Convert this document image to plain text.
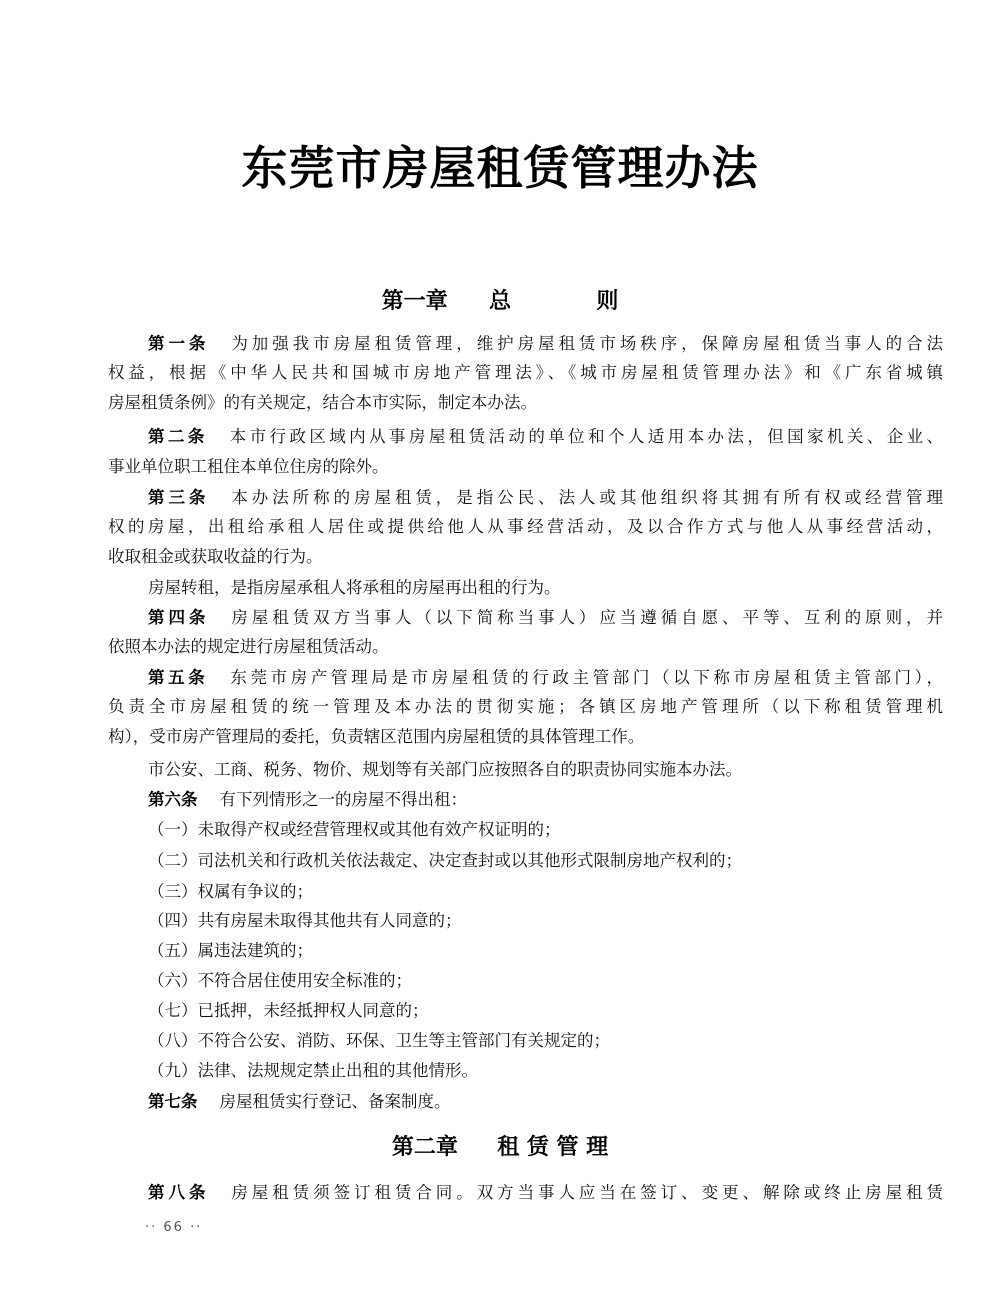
东莞市房屋租赁管理办法
第一章 总	则
第二章 租 赁 管 理
第一条 为加强我市房屋租赁管理，维护房屋租赁市场秩序，保障房屋租赁当事人的合法
权益，根据《中华人民共和国城市房地产管理法》、《城市房屋租赁管理办法》和《广东省城镇
房屋租赁条例》的有关规定，结合本市实际，制定本办法。
第二条 本市行政区域内从事房屋租赁活动的单位和个人适用本办法，但国家机关、企业、
事业单位职工租住本单位住房的除外。
第三条 本办法所称的房屋租赁，是指公民、法人或其他组织将其拥有所有权或经营管理
权的房屋，出租给承租人居住或提供给他人从事经营活动，及以合作方式与他人从事经营活动，
收取租金或获取收益的行为。
房屋转租，是指房屋承租人将承租的房屋再出租的行为。
第四条 房屋租赁双方当事人（以下简称当事人）应当遵循自愿、平等、互利的原则，并
依照本办法的规定进行房屋租赁活动。
第五条 东莞市房产管理局是市房屋租赁的行政主管部门（以下称市房屋租赁主管部门），
负责全市房屋租赁的统一管理及本办法的贯彻实施；各镇区房地产管理所（以下称租赁管理机
构），受市房产管理局的委托，负责辖区范围内房屋租赁的具体管理工作。
市公安、工商、税务、物价、规划等有关部门应按照各自的职责协同实施本办法。
第六条 有下列情形之一的房屋不得出租：
（一）未取得产权或经营管理权或其他有效产权证明的；
（二）司法机关和行政机关依法裁定、决定查封或以其他形式限制房地产权利的；
（三）权属有争议的；
（四）共有房屋未取得其他共有人同意的；
（五）属违法建筑的；
（六）不符合居住使用安全标准的；
（七）已抵押，未经抵押权人同意的；
（八）不符合公安、消防、环保、卫生等主管部门有关规定的；
（九）法律、法规规定禁止出租的其他情形。
第七条 房屋租赁实行登记、备案制度。
第八条 房屋租赁须签订租赁合同。双方当事人应当在签订、变更、解除或终止房屋租赁
·· 66 ··
